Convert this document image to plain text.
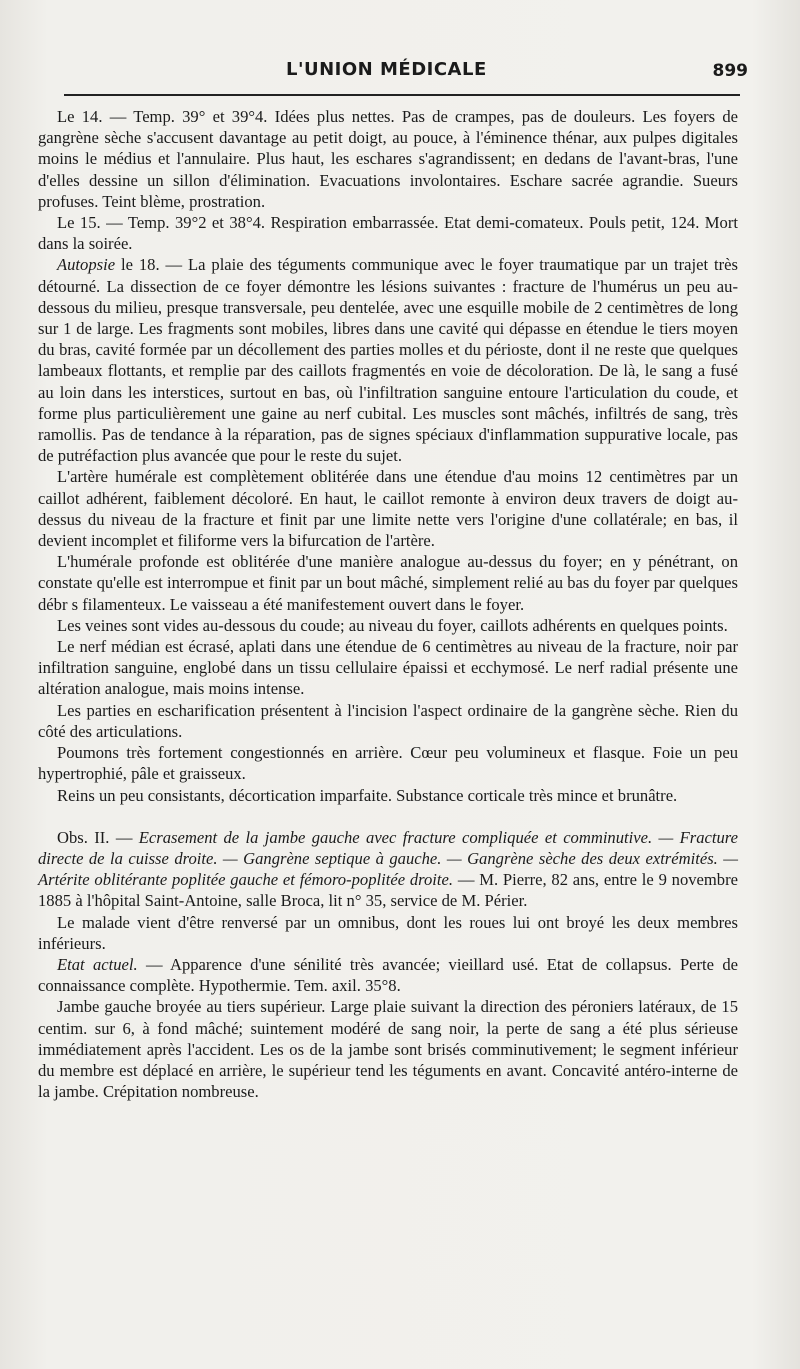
L'UNION MÉDICALE	899

Le 14. — Temp. 39° et 39°4. Idées plus nettes. Pas de crampes, pas de douleurs. Les foyers de gangrène sèche s'accusent davantage au petit doigt, au pouce, à l'éminence thénar, aux pulpes digitales moins le médius et l'annulaire. Plus haut, les eschares s'agrandissent; en dedans de l'avant-bras, l'une d'elles dessine un sillon d'élimination. Evacuations involontaires. Eschare sacrée agrandie. Sueurs profuses. Teint blème, prostration.

Le 15. — Temp. 39°2 et 38°4. Respiration embarrassée. Etat demi-comateux. Pouls petit, 124. Mort dans la soirée.

Autopsie le 18. — La plaie des téguments communique avec le foyer traumatique par un trajet très détourné. La dissection de ce foyer démontre les lésions suivantes : fracture de l'humérus un peu au-dessous du milieu, presque transversale, peu dentelée, avec une esquille mobile de 2 centimètres de long sur 1 de large. Les fragments sont mobiles, libres dans une cavité qui dépasse en étendue le tiers moyen du bras, cavité formée par un décollement des parties molles et du périoste, dont il ne reste que quelques lambeaux flottants, et remplie par des caillots fragmentés en voie de décoloration. De là, le sang a fusé au loin dans les interstices, surtout en bas, où l'infiltration sanguine entoure l'articulation du coude, et forme plus particulièrement une gaine au nerf cubital. Les muscles sont mâchés, infiltrés de sang, très ramollis. Pas de tendance à la réparation, pas de signes spéciaux d'inflammation suppurative locale, pas de putréfaction plus avancée que pour le reste du sujet.

L'artère humérale est complètement oblitérée dans une étendue d'au moins 12 centimètres par un caillot adhérent, faiblement décoloré. En haut, le caillot remonte à environ deux travers de doigt au-dessus du niveau de la fracture et finit par une limite nette vers l'origine d'une collatérale; en bas, il devient incomplet et filiforme vers la bifurcation de l'artère.

L'humérale profonde est oblitérée d'une manière analogue au-dessus du foyer; en y pénétrant, on constate qu'elle est interrompue et finit par un bout mâché, simplement relié au bas du foyer par quelques débr s filamenteux. Le vaisseau a été manifestement ouvert dans le foyer.

Les veines sont vides au-dessous du coude; au niveau du foyer, caillots adhérents en quelques points.

Le nerf médian est écrasé, aplati dans une étendue de 6 centimètres au niveau de la fracture, noir par infiltration sanguine, englobé dans un tissu cellulaire épaissi et ecchymosé. Le nerf radial présente une altération analogue, mais moins intense.

Les parties en escharification présentent à l'incision l'aspect ordinaire de la gangrène sèche. Rien du côté des articulations.

Poumons très fortement congestionnés en arrière. Cœur peu volumineux et flasque. Foie un peu hypertrophié, pâle et graisseux.

Reins un peu consistants, décortication imparfaite. Substance corticale très mince et brunâtre.

Obs. II. — Ecrasement de la jambe gauche avec fracture compliquée et comminutive. — Fracture directe de la cuisse droite. — Gangrène septique à gauche. — Gangrène sèche des deux extrémités. — Artérite oblitérante poplitée gauche et fémoro-poplitée droite. — M. Pierre, 82 ans, entre le 9 novembre 1885 à l'hôpital Saint-Antoine, salle Broca, lit n° 35, service de M. Périer.

Le malade vient d'être renversé par un omnibus, dont les roues lui ont broyé les deux membres inférieurs.

Etat actuel. — Apparence d'une sénilité très avancée; vieillard usé. Etat de collapsus. Perte de connaissance complète. Hypothermie. Tem. axil. 35°8.

Jambe gauche broyée au tiers supérieur. Large plaie suivant la direction des péroniers latéraux, de 15 centim. sur 6, à fond mâché; suintement modéré de sang noir, la perte de sang a été plus sérieuse immédiatement après l'accident. Les os de la jambe sont brisés comminutivement; le segment inférieur du membre est déplacé en arrière, le supérieur tend les téguments en avant. Concavité antéro-interne de la jambe. Crépitation nombreuse.
